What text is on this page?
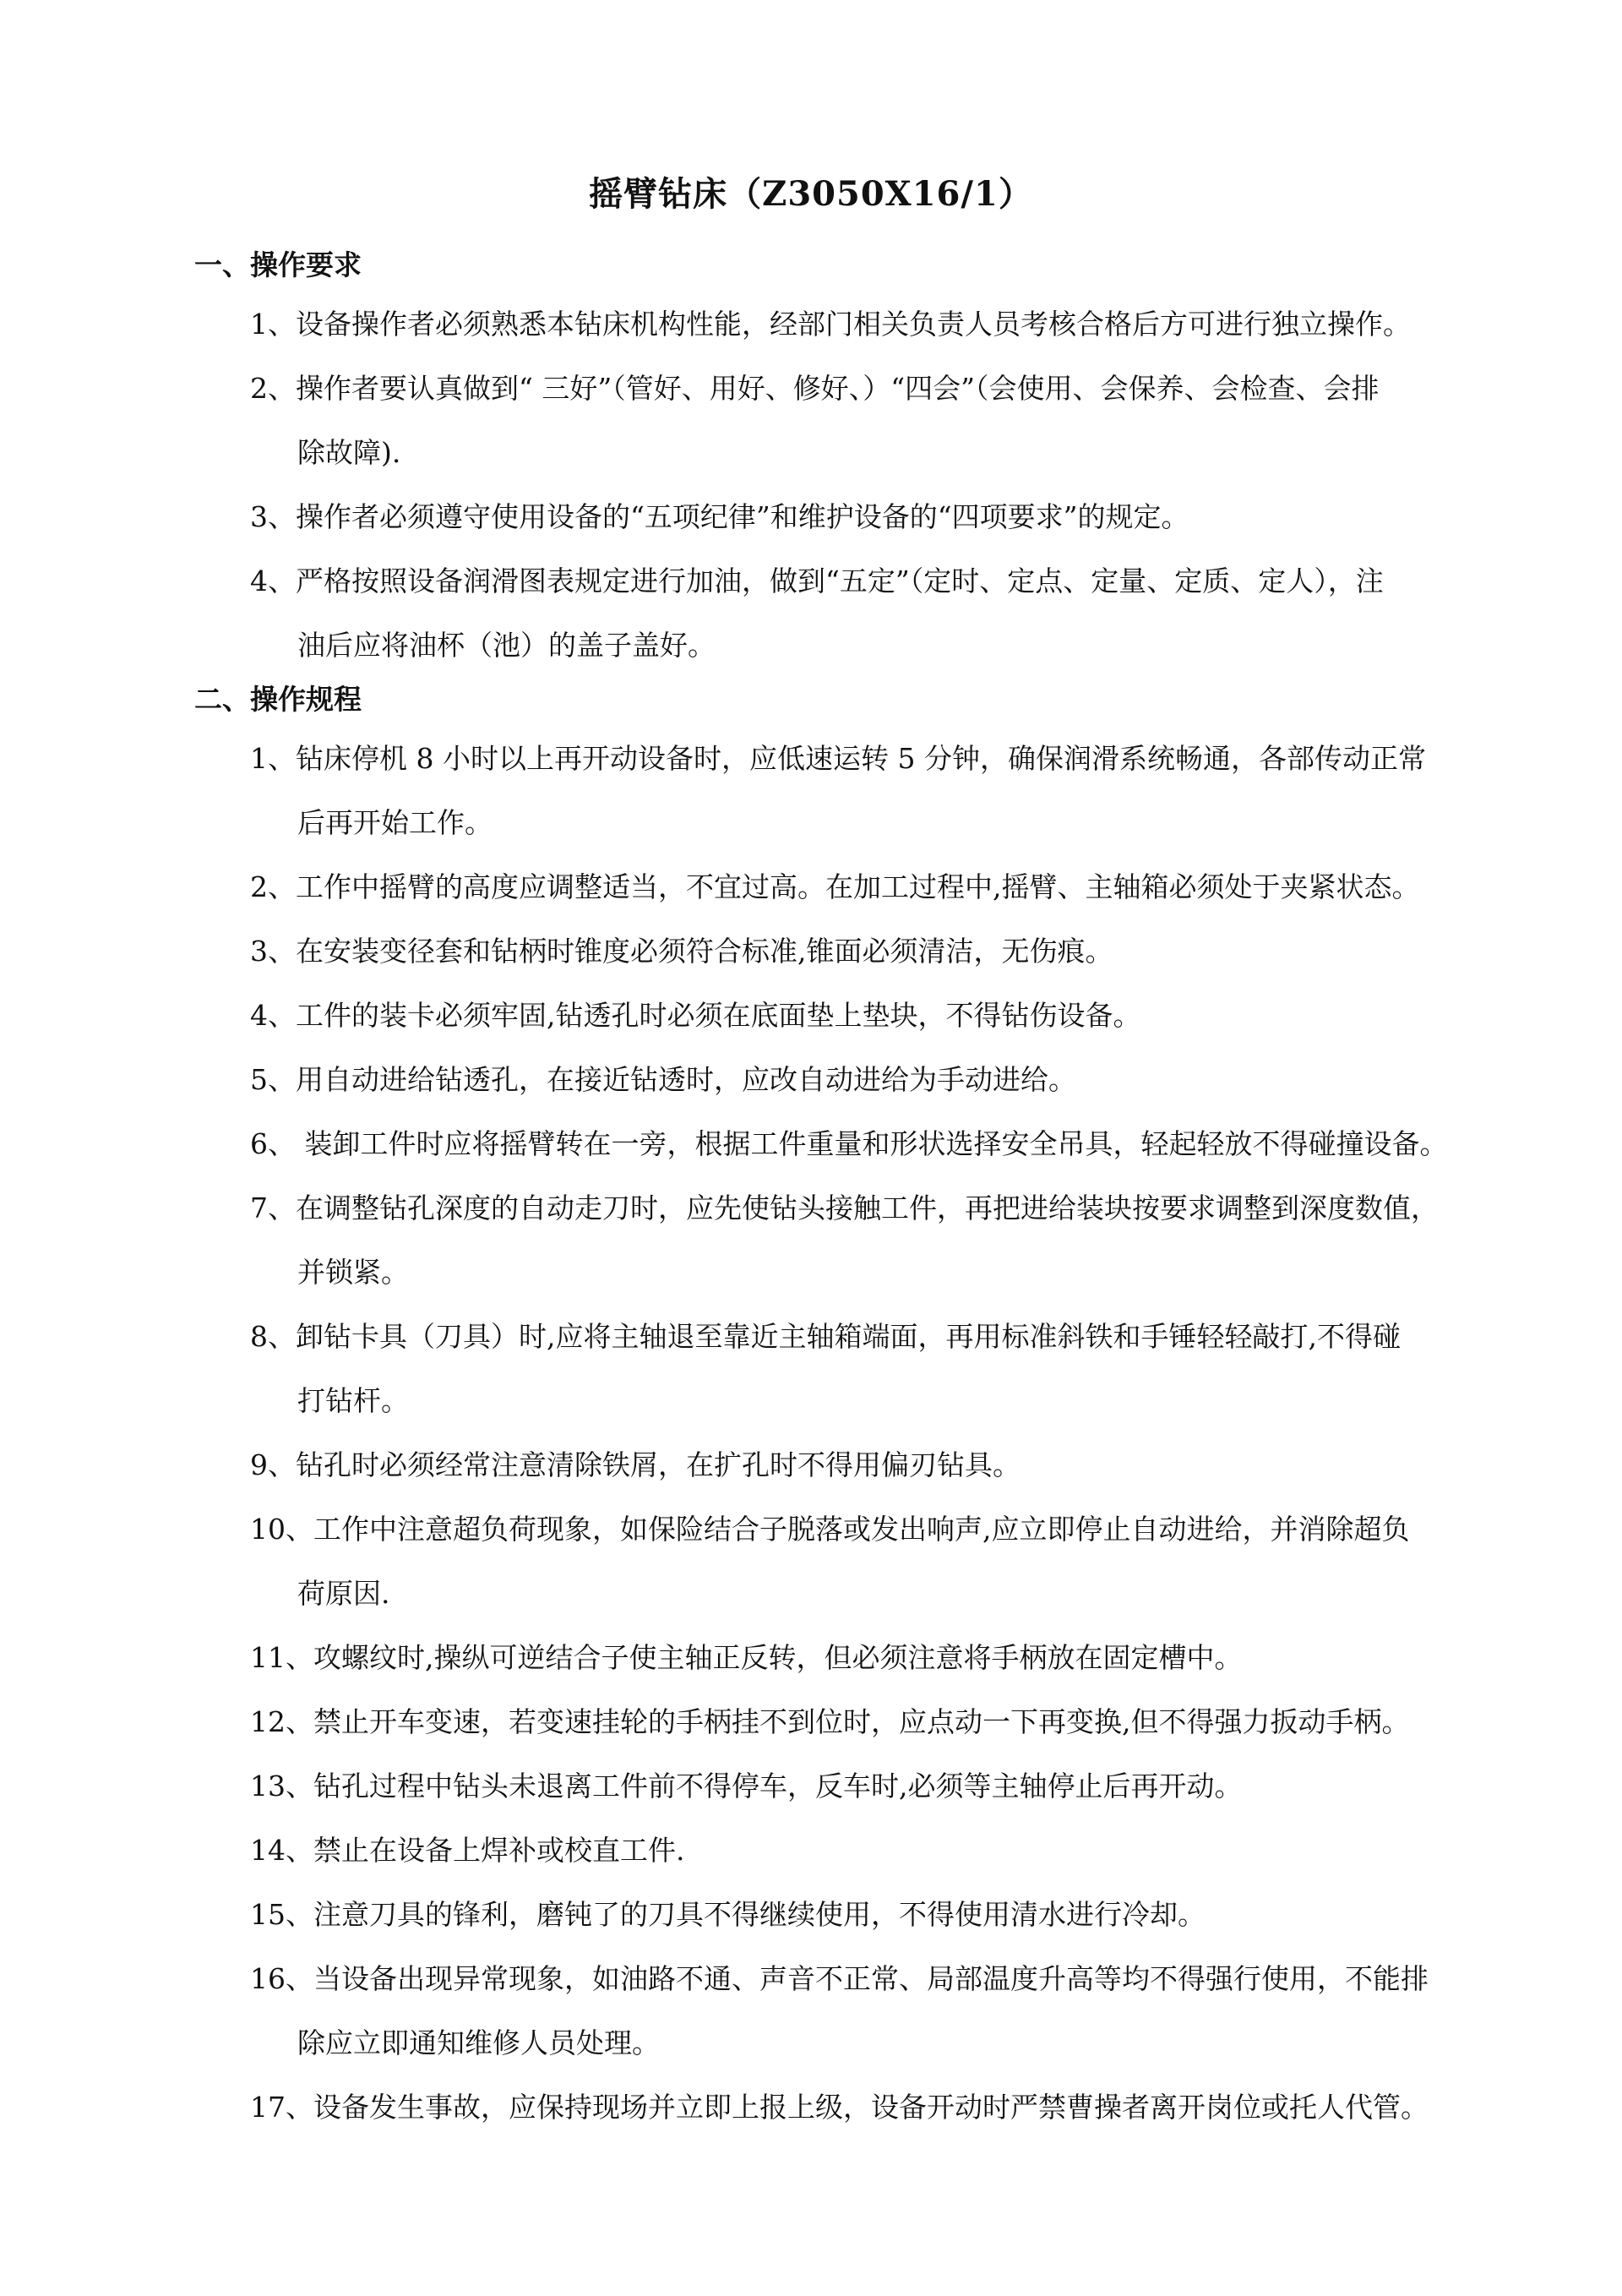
摇臂钻床（Z3050X16/1）
一、操作要求
1、设备操作者必须熟悉本钻床机构性能，经部门相关负责人员考核合格后方可进行独立操作。
2、操作者要认真做到“ 三好”（管好、用好、修好、）“四会”（会使用、会保养、会检查、会排
除故障).
3、操作者必须遵守使用设备的“五项纪律”和维护设备的“四项要求”的规定。
4、严格按照设备润滑图表规定进行加油，做到“五定”（定时、定点、定量、定质、定人），注
油后应将油杯（池）的盖子盖好。
二、操作规程
1、钻床停机 8 小时以上再开动设备时，应低速运转 5 分钟，确保润滑系统畅通，各部传动正常
后再开始工作。
2、工作中摇臂的高度应调整适当，不宜过高。在加工过程中,摇臂、主轴箱必须处于夹紧状态。
3、在安装变径套和钻柄时锥度必须符合标准,锥面必须清洁，无伤痕。
4、工件的装卡必须牢固,钻透孔时必须在底面垫上垫块，不得钻伤设备。
5、用自动进给钻透孔，在接近钻透时，应改自动进给为手动进给。
6、 装卸工件时应将摇臂转在一旁，根据工件重量和形状选择安全吊具，轻起轻放不得碰撞设备。
7、在调整钻孔深度的自动走刀时，应先使钻头接触工件，再把进给装块按要求调整到深度数值，
并锁紧。
8、卸钻卡具（刀具）时,应将主轴退至靠近主轴箱端面，再用标准斜铁和手锤轻轻敲打,不得碰
打钻杆。
9、钻孔时必须经常注意清除铁屑，在扩孔时不得用偏刃钻具。
10、工作中注意超负荷现象，如保险结合子脱落或发出响声,应立即停止自动进给，并消除超负
荷原因.
11、攻螺纹时,操纵可逆结合子使主轴正反转，但必须注意将手柄放在固定槽中。
12、禁止开车变速，若变速挂轮的手柄挂不到位时，应点动一下再变换,但不得强力扳动手柄。
13、钻孔过程中钻头未退离工件前不得停车，反车时,必须等主轴停止后再开动。
14、禁止在设备上焊补或校直工件.
15、注意刀具的锋利，磨钝了的刀具不得继续使用，不得使用清水进行冷却。
16、当设备出现异常现象，如油路不通、声音不正常、局部温度升高等均不得强行使用，不能排
除应立即通知维修人员处理。
17、设备发生事故，应保持现场并立即上报上级，设备开动时严禁曹操者离开岗位或托人代管。
